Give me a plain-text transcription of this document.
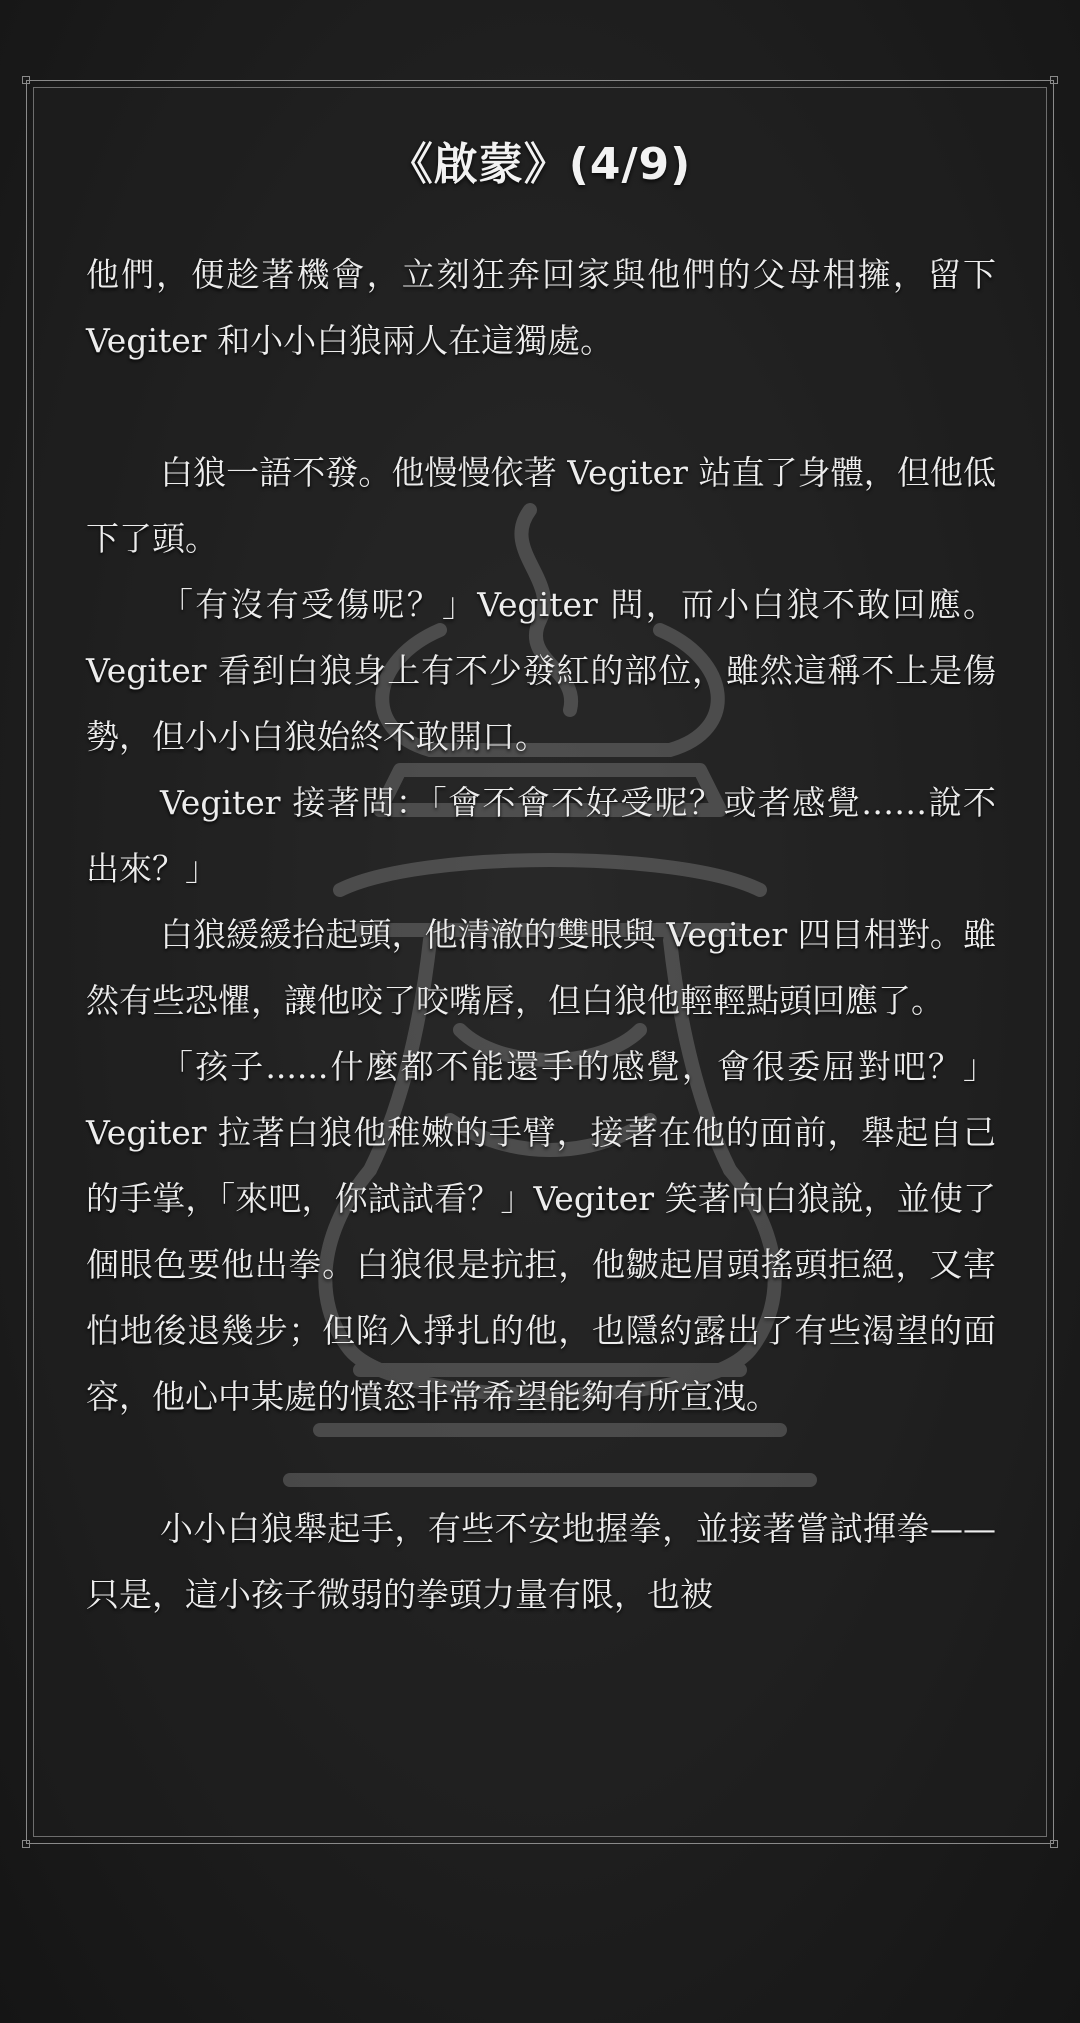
《啟蒙》(4/9)

他們，便趁著機會，立刻狂奔回家與他們的父母相擁，留下 Vegiter 和小小白狼兩人在這獨處。

白狼一語不發。他慢慢依著 Vegiter 站直了身體，但他低下了頭。

「有沒有受傷呢？」Vegiter 問，而小白狼不敢回應。Vegiter 看到白狼身上有不少發紅的部位，雖然這稱不上是傷勢，但小小白狼始終不敢開口。

Vegiter 接著問：「會不會不好受呢？或者感覺……說不出來？」

白狼緩緩抬起頭，他清澈的雙眼與 Vegiter 四目相對。雖然有些恐懼，讓他咬了咬嘴唇，但白狼他輕輕點頭回應了。

「孩子......什麼都不能還手的感覺，會很委屈對吧？」Vegiter 拉著白狼他稚嫩的手臂，接著在他的面前，舉起自己的手掌，「來吧，你試試看？」Vegiter 笑著向白狼說，並使了個眼色要他出拳。白狼很是抗拒，他皺起眉頭搖頭拒絕，又害怕地後退幾步；但陷入掙扎的他，也隱約露出了有些渴望的面容，他心中某處的憤怒非常希望能夠有所宣洩。

小小白狼舉起手，有些不安地握拳，並接著嘗試揮拳——只是，這小孩子微弱的拳頭力量有限，也被
